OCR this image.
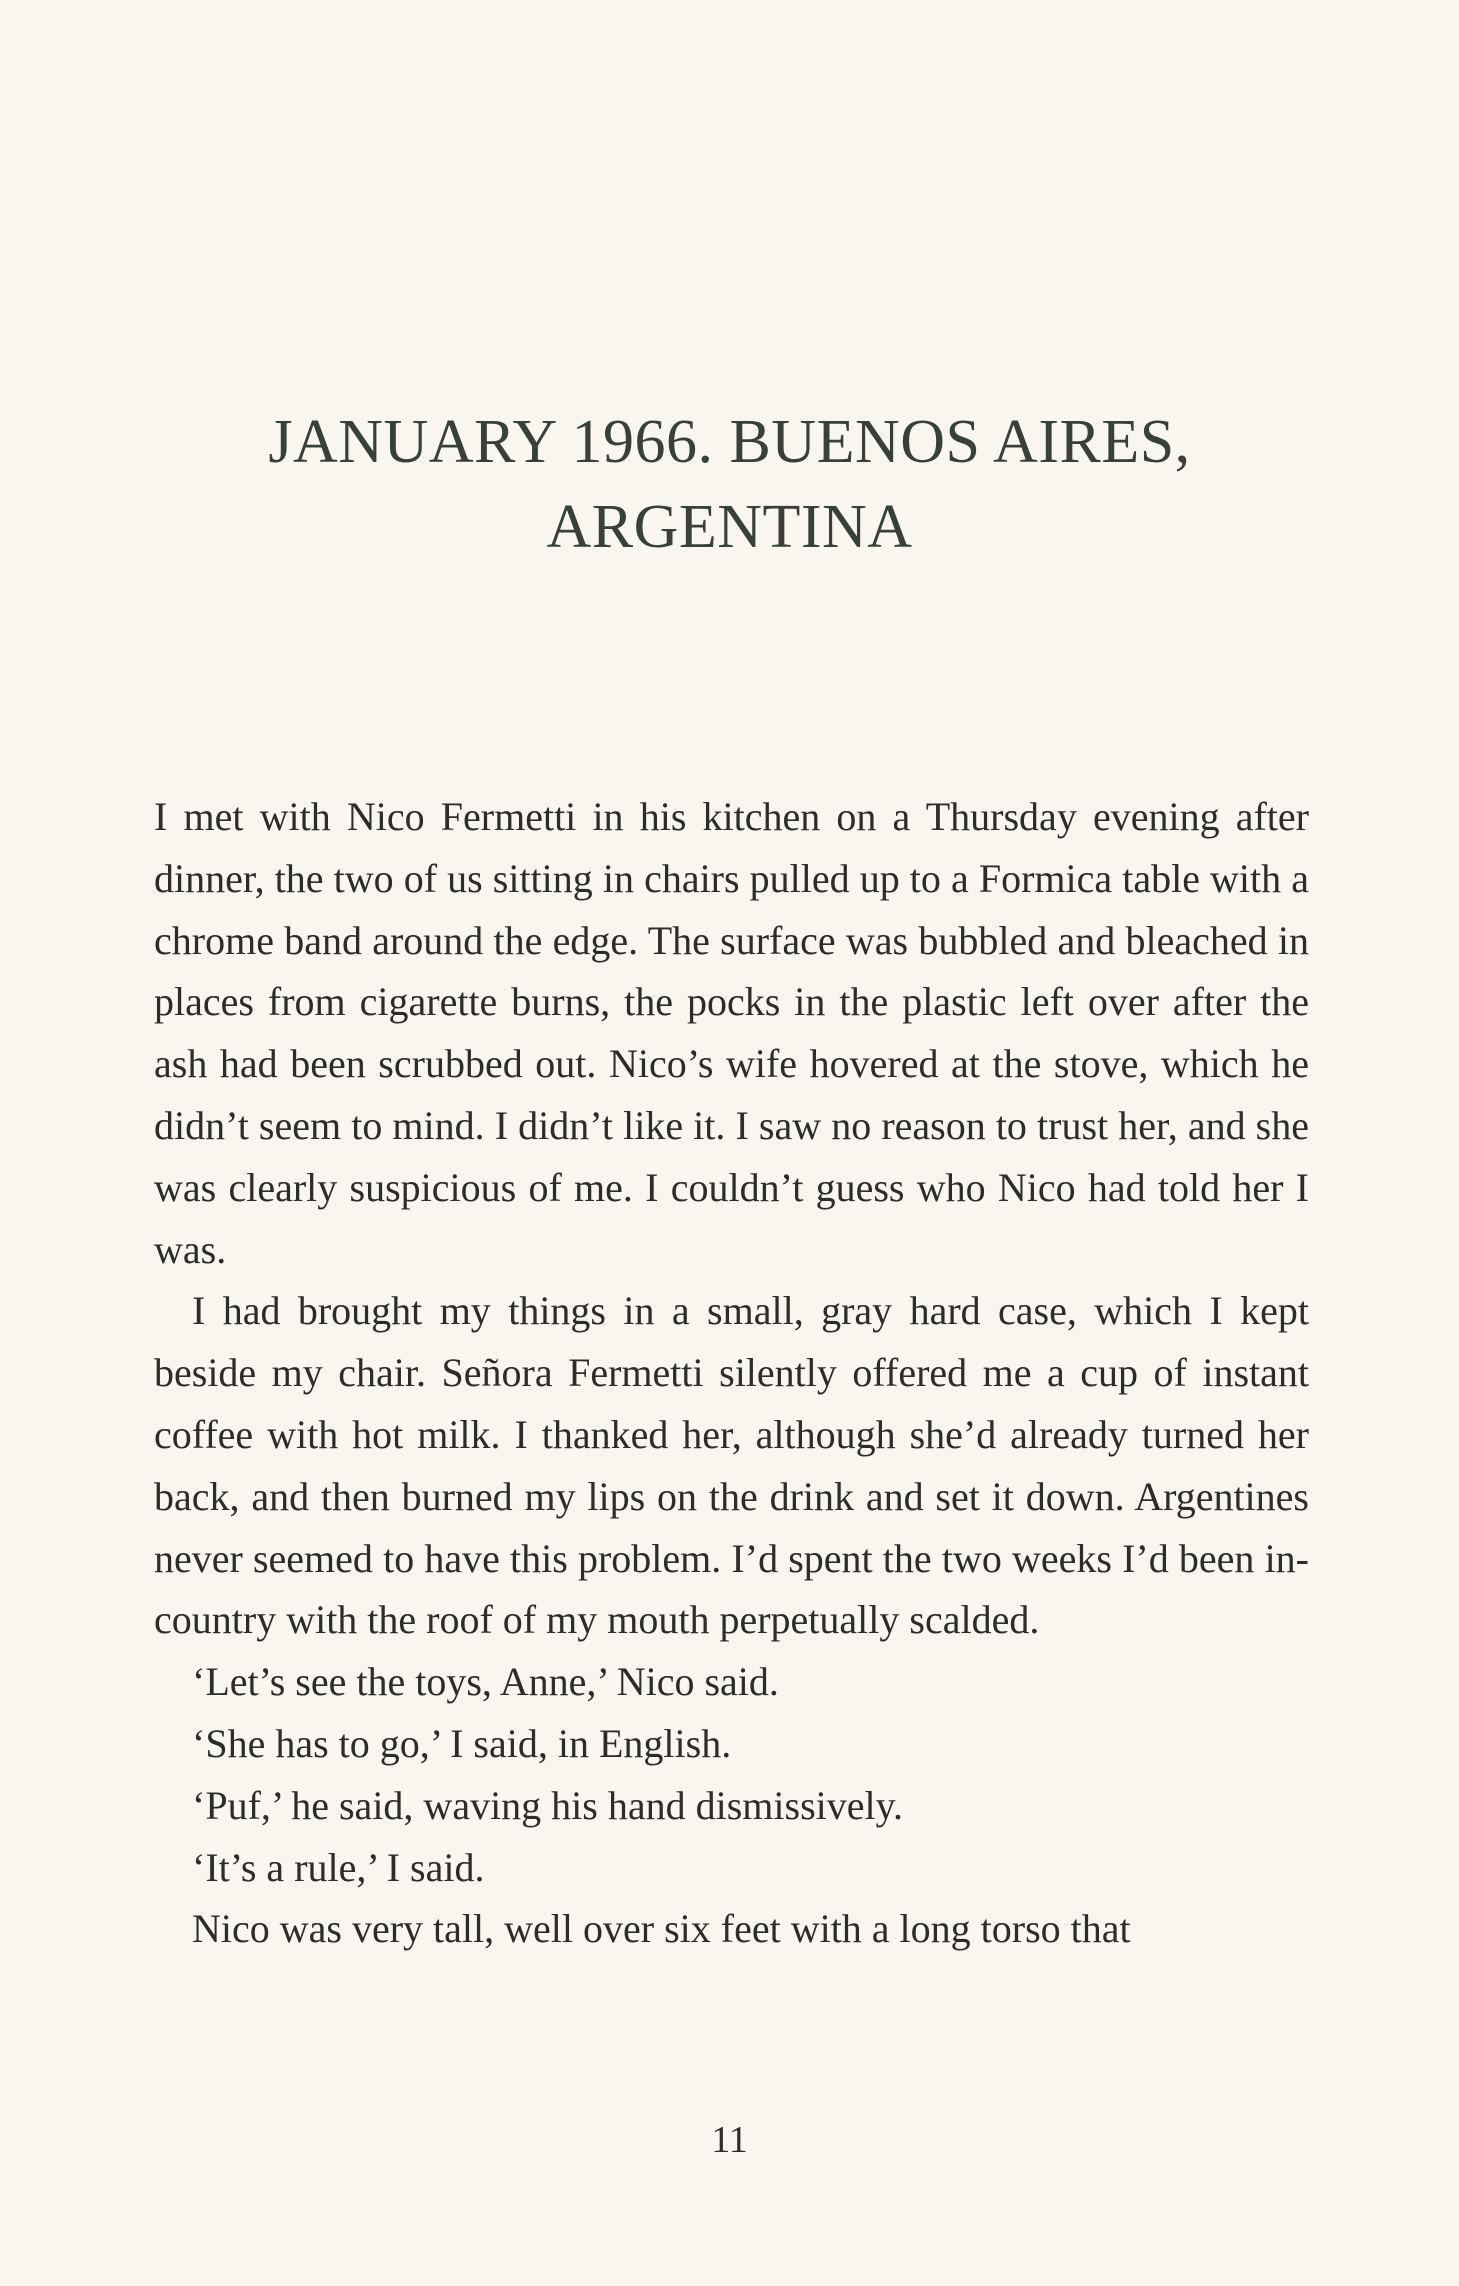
JANUARY 1966. BUENOS AIRES,
ARGENTINA

I met with Nico Fermetti in his kitchen on a Thursday evening after dinner, the two of us sitting in chairs pulled up to a Formica table with a chrome band around the edge. The surface was bubbled and bleached in places from cigarette burns, the pocks in the plastic left over after the ash had been scrubbed out. Nico’s wife hovered at the stove, which he didn’t seem to mind. I didn’t like it. I saw no reason to trust her, and she was clearly suspicious of me. I couldn’t guess who Nico had told her I was.

I had brought my things in a small, gray hard case, which I kept beside my chair. Señora Fermetti silently offered me a cup of instant coffee with hot milk. I thanked her, although she’d already turned her back, and then burned my lips on the drink and set it down. Argentines never seemed to have this problem. I’d spent the two weeks I’d been in-country with the roof of my mouth perpetually scalded.

‘Let’s see the toys, Anne,’ Nico said.

‘She has to go,’ I said, in English.

‘Puf,’ he said, waving his hand dismissively.

‘It’s a rule,’ I said.

Nico was very tall, well over six feet with a long torso that

11
